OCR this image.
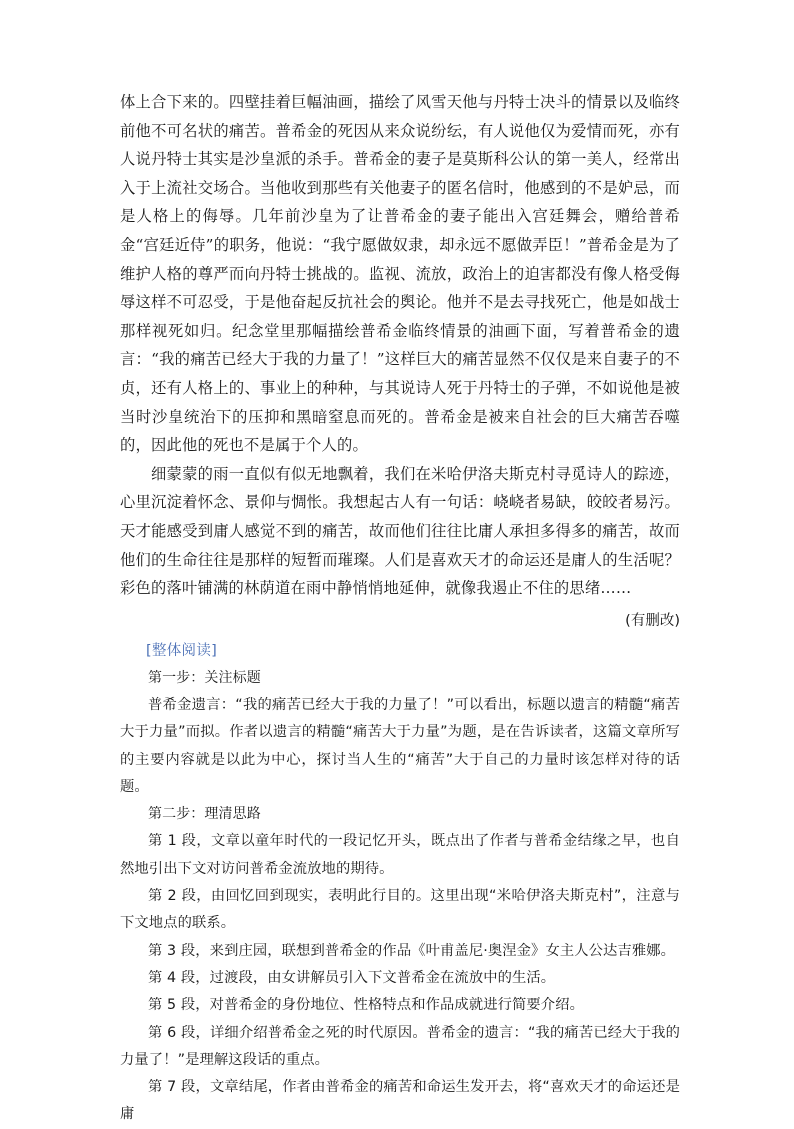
体上合下来的。四壁挂着巨幅油画，描绘了风雪天他与丹特士决斗的情景以及临终前他不可名状的痛苦。普希金的死因从来众说纷纭，有人说他仅为爱情而死，亦有人说丹特士其实是沙皇派的杀手。普希金的妻子是莫斯科公认的第一美人，经常出入于上流社交场合。当他收到那些有关他妻子的匿名信时，他感到的不是妒忌，而是人格上的侮辱。几年前沙皇为了让普希金的妻子能出入宫廷舞会，赠给普希金“宫廷近侍”的职务，他说：“我宁愿做奴隶，却永远不愿做弄臣！”普希金是为了维护人格的尊严而向丹特士挑战的。监视、流放，政治上的迫害都没有像人格受侮辱这样不可忍受，于是他奋起反抗社会的舆论。他并不是去寻找死亡，他是如战士那样视死如归。纪念堂里那幅描绘普希金临终情景的油画下面，写着普希金的遗言：“我的痛苦已经大于我的力量了！”这样巨大的痛苦显然不仅仅是来自妻子的不贞，还有人格上的、事业上的种种，与其说诗人死于丹特士的子弹，不如说他是被当时沙皇统治下的压抑和黑暗窒息而死的。普希金是被来自社会的巨大痛苦吞噬的，因此他的死也不是属于个人的。

细蒙蒙的雨一直似有似无地飘着，我们在米哈伊洛夫斯克村寻觅诗人的踪迹，心里沉淀着怀念、景仰与惆怅。我想起古人有一句话：峣峣者易缺，皎皎者易污。天才能感受到庸人感觉不到的痛苦，故而他们往往比庸人承担多得多的痛苦，故而他们的生命往往是那样的短暂而璀璨。人们是喜欢天才的命运还是庸人的生活呢？彩色的落叶铺满的林荫道在雨中静悄悄地延伸，就像我遏止不住的思绪……

(有删改)
[整体阅读]

第一步：关注标题

普希金遗言：“我的痛苦已经大于我的力量了！”可以看出，标题以遗言的精髓“痛苦大于力量”而拟。作者以遗言的精髓“痛苦大于力量”为题，是在告诉读者，这篇文章所写的主要内容就是以此为中心，探讨当人生的“痛苦”大于自己的力量时该怎样对待的话题。

第二步：理清思路

第 1 段，文章以童年时代的一段记忆开头，既点出了作者与普希金结缘之早，也自然地引出下文对访问普希金流放地的期待。

第 2 段，由回忆回到现实，表明此行目的。这里出现“米哈伊洛夫斯克村”，注意与下文地点的联系。

第 3 段，来到庄园，联想到普希金的作品《叶甫盖尼·奥涅金》女主人公达吉雅娜。

第 4 段，过渡段，由女讲解员引入下文普希金在流放中的生活。

第 5 段，对普希金的身份地位、性格特点和作品成就进行简要介绍。

第 6 段，详细介绍普希金之死的时代原因。普希金的遗言：“我的痛苦已经大于我的力量了！”是理解这段话的重点。

第 7 段，文章结尾，作者由普希金的痛苦和命运生发开去，将“喜欢天才的命运还是庸
